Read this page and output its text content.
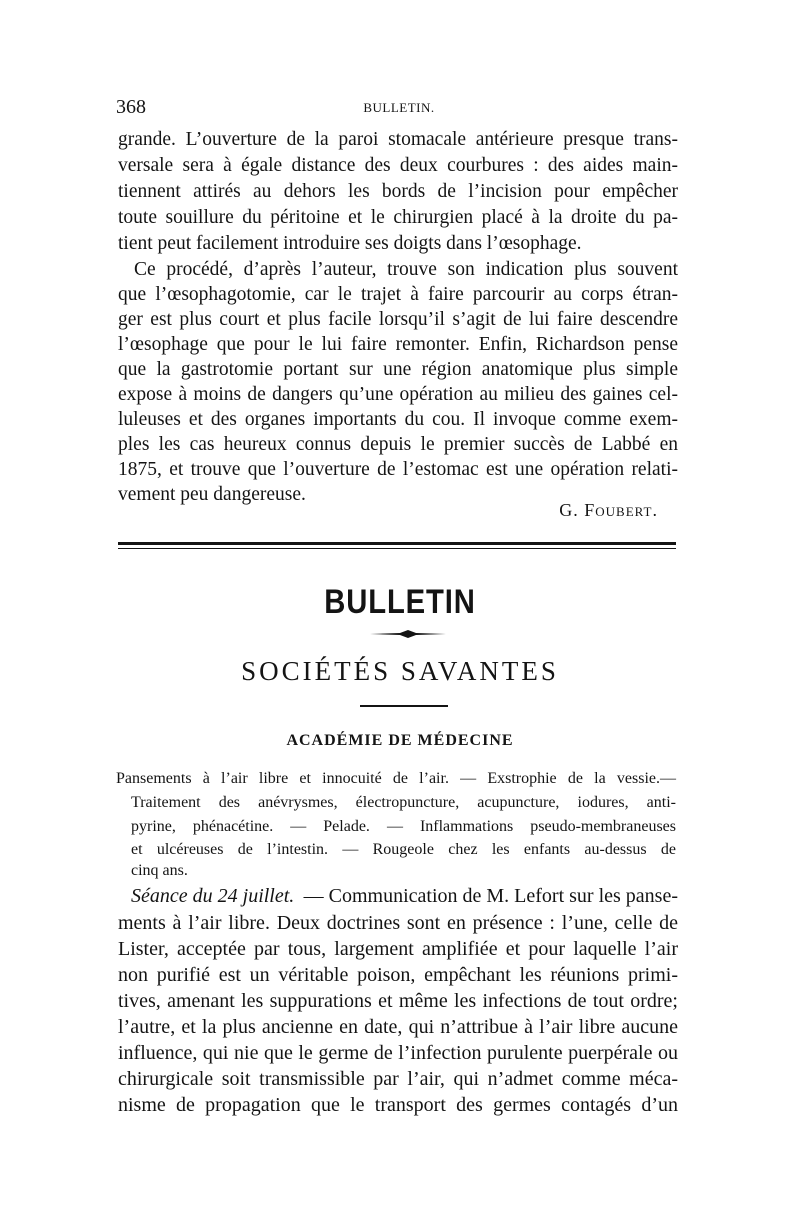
368	BULLETIN.
grande. L’ouverture de la paroi stomacale antérieure presque trans-
versale sera à égale distance des deux courbures : des aides main-
tiennent attirés au dehors les bords de l’incision pour empêcher
toute souillure du péritoine et le chirurgien placé à la droite du pa-
tient peut facilement introduire ses doigts dans l’œsophage.
Ce procédé, d’après l’auteur, trouve son indication plus souvent
que l’œsophagotomie, car le trajet à faire parcourir au corps étran-
ger est plus court et plus facile lorsqu’il s’agit de lui faire descendre
l’œsophage que pour le lui faire remonter. Enfin, Richardson pense
que la gastrotomie portant sur une région anatomique plus simple
expose à moins de dangers qu’une opération au milieu des gaines cel-
luleuses et des organes importants du cou. Il invoque comme exem-
ples les cas heureux connus depuis le premier succès de Labbé en
1875, et trouve que l’ouverture de l’estomac est une opération relati-
vement peu dangereuse.
G. Foubert.
BULLETIN
SOCIÉTÉS SAVANTES
ACADÉMIE DE MÉDECINE
Pansements à l’air libre et innocuité de l’air. — Exstrophie de la vessie.—
Traitement des anévrysmes, électropuncture, acupuncture, iodures, anti-
pyrine, phénacétine. — Pelade. — Inflammations pseudo-membraneuses
et ulcéreuses de l’intestin. — Rougeole chez les enfants au-dessus de
cinq ans.
Séance du 24 juillet. — Communication de M. Lefort sur les panse-
ments à l’air libre. Deux doctrines sont en présence : l’une, celle de
Lister, acceptée par tous, largement amplifiée et pour laquelle l’air
non purifié est un véritable poison, empêchant les réunions primi-
tives, amenant les suppurations et même les infections de tout ordre;
l’autre, et la plus ancienne en date, qui n’attribue à l’air libre aucune
influence, qui nie que le germe de l’infection purulente puerpérale ou
chirurgicale soit transmissible par l’air, qui n’admet comme méca-
nisme de propagation que le transport des germes contagés d’un
